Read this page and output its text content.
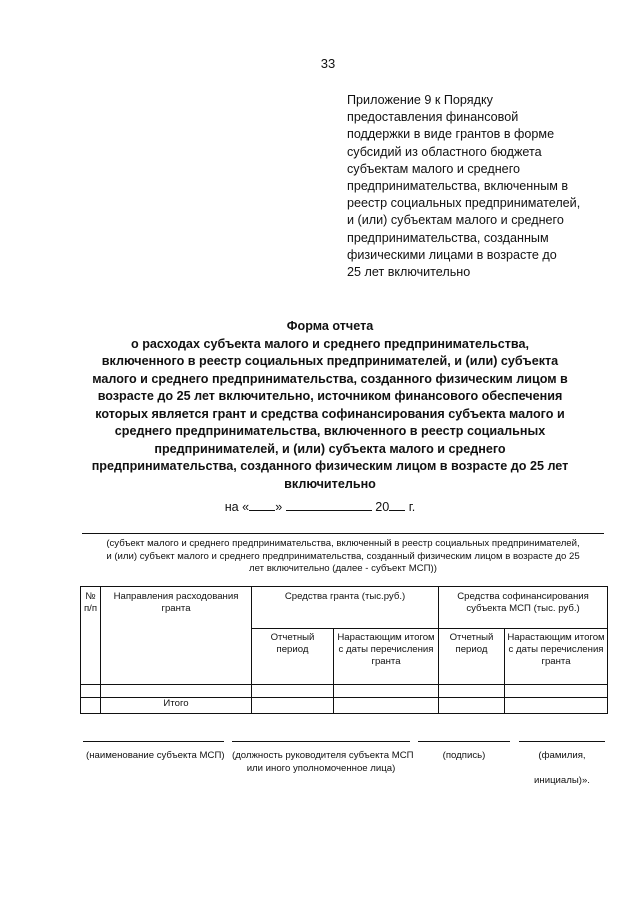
33
Приложение 9 к Порядку
предоставления финансовой
поддержки в виде грантов в форме
субсидий из областного бюджета
субъектам малого и среднего
предпринимательства, включенным в
реестр социальных предпринимателей,
и (или) субъектам малого и среднего
предпринимательства, созданным
физическими лицами в возрасте до
25 лет включительно
Форма отчета
о расходах субъекта малого и среднего предпринимательства,
включенного в реестр социальных предпринимателей, и (или) субъекта
малого и среднего предпринимательства, созданного физическим лицом в
возрасте до 25 лет включительно, источником финансового обеспечения
которых является грант и средства софинансирования субъекта малого и
среднего предпринимательства, включенного в реестр социальных
предпринимателей, и (или) субъекта малого и среднего
предпринимательства, созданного физическим лицом в возрасте до 25 лет
включительно
на « »	20 г.
(субъект малого и среднего предпринимательства, включенный в реестр социальных предпринимателей,
и (или) субъект малого и среднего предпринимательства, созданный физическим лицом в возрасте до 25
лет включительно (далее - субъект МСП))
№ п/п	Направления расходования гранта	Средства гранта (тыс.руб.)		Средства софинансирования субъекта МСП (тыс. руб.)	
		Отчетный период	Нарастающим итогом с даты перечисления гранта	Отчетный период	Нарастающим итогом с даты перечисления гранта

	Итого				
(наименование субъекта МСП) (должность руководителя субъекта МСП
или иного уполномоченное лица)
(подпись)	(фамилия,
инициалы)».
